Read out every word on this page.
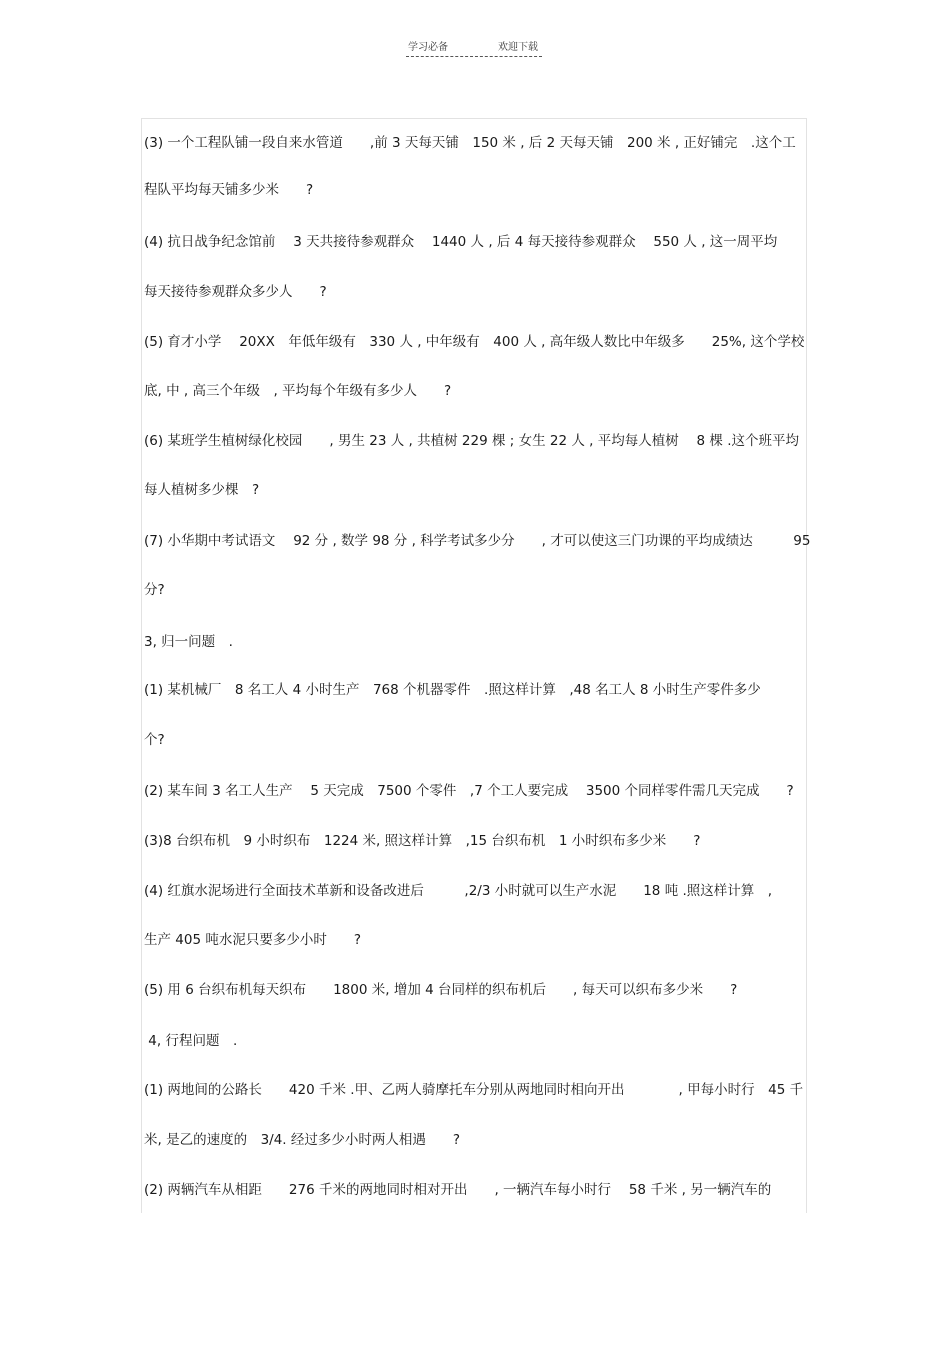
学习必备	欢迎下载
(3) 一个工程队铺一段自来水管道　　,前 3 天每天铺　150 米 , 后 2 天每天铺　200 米 , 正好铺完　.这个工
程队平均每天铺多少米　　?
(4) 抗日战争纪念馆前　 3 天共接待参观群众　 1440 人 , 后 4 每天接待参观群众　 550 人 , 这一周平均
每天接待参观群众多少人　　?
(5) 育才小学　 20XX　年低年级有　330 人 , 中年级有　400 人 , 高年级人数比中年级多　　25%, 这个学校
底, 中 , 高三个年级　, 平均每个年级有多少人　　?
(6) 某班学生植树绿化校园　　, 男生 23 人 , 共植树 229 棵 ; 女生 22 人 , 平均每人植树　 8 棵 .这个班平均
每人植树多少棵　?
(7) 小华期中考试语文　 92 分 , 数学 98 分 , 科学考试多少分　　, 才可以使这三门功课的平均成绩达　　　95
分?
3, 归一问题　.
(1) 某机械厂　8 名工人 4 小时生产　768 个机器零件　.照这样计算　,48 名工人 8 小时生产零件多少
个?
(2) 某车间 3 名工人生产　 5 天完成　7500 个零件　,7 个工人要完成　 3500 个同样零件需几天完成　　?
(3)8 台织布机　9 小时织布　1224 米, 照这样计算　,15 台织布机　1 小时织布多少米　　?
(4) 红旗水泥场进行全面技术革新和设备改进后　　　,2/3 小时就可以生产水泥　　18 吨 .照这样计算　,
生产 405 吨水泥只要多少小时　　?
(5) 用 6 台织布机每天织布　　1800 米, 增加 4 台同样的织布机后　　, 每天可以织布多少米　　?
4, 行程问题　.
(1) 两地间的公路长　　420 千米 .甲、乙两人骑摩托车分别从两地同时相向开出　　　　, 甲每小时行　45 千
米, 是乙的速度的　3/4. 经过多少小时两人相遇　　?
(2) 两辆汽车从相距　　276 千米的两地同时相对开出　　, 一辆汽车每小时行　 58 千米 , 另一辆汽车的
